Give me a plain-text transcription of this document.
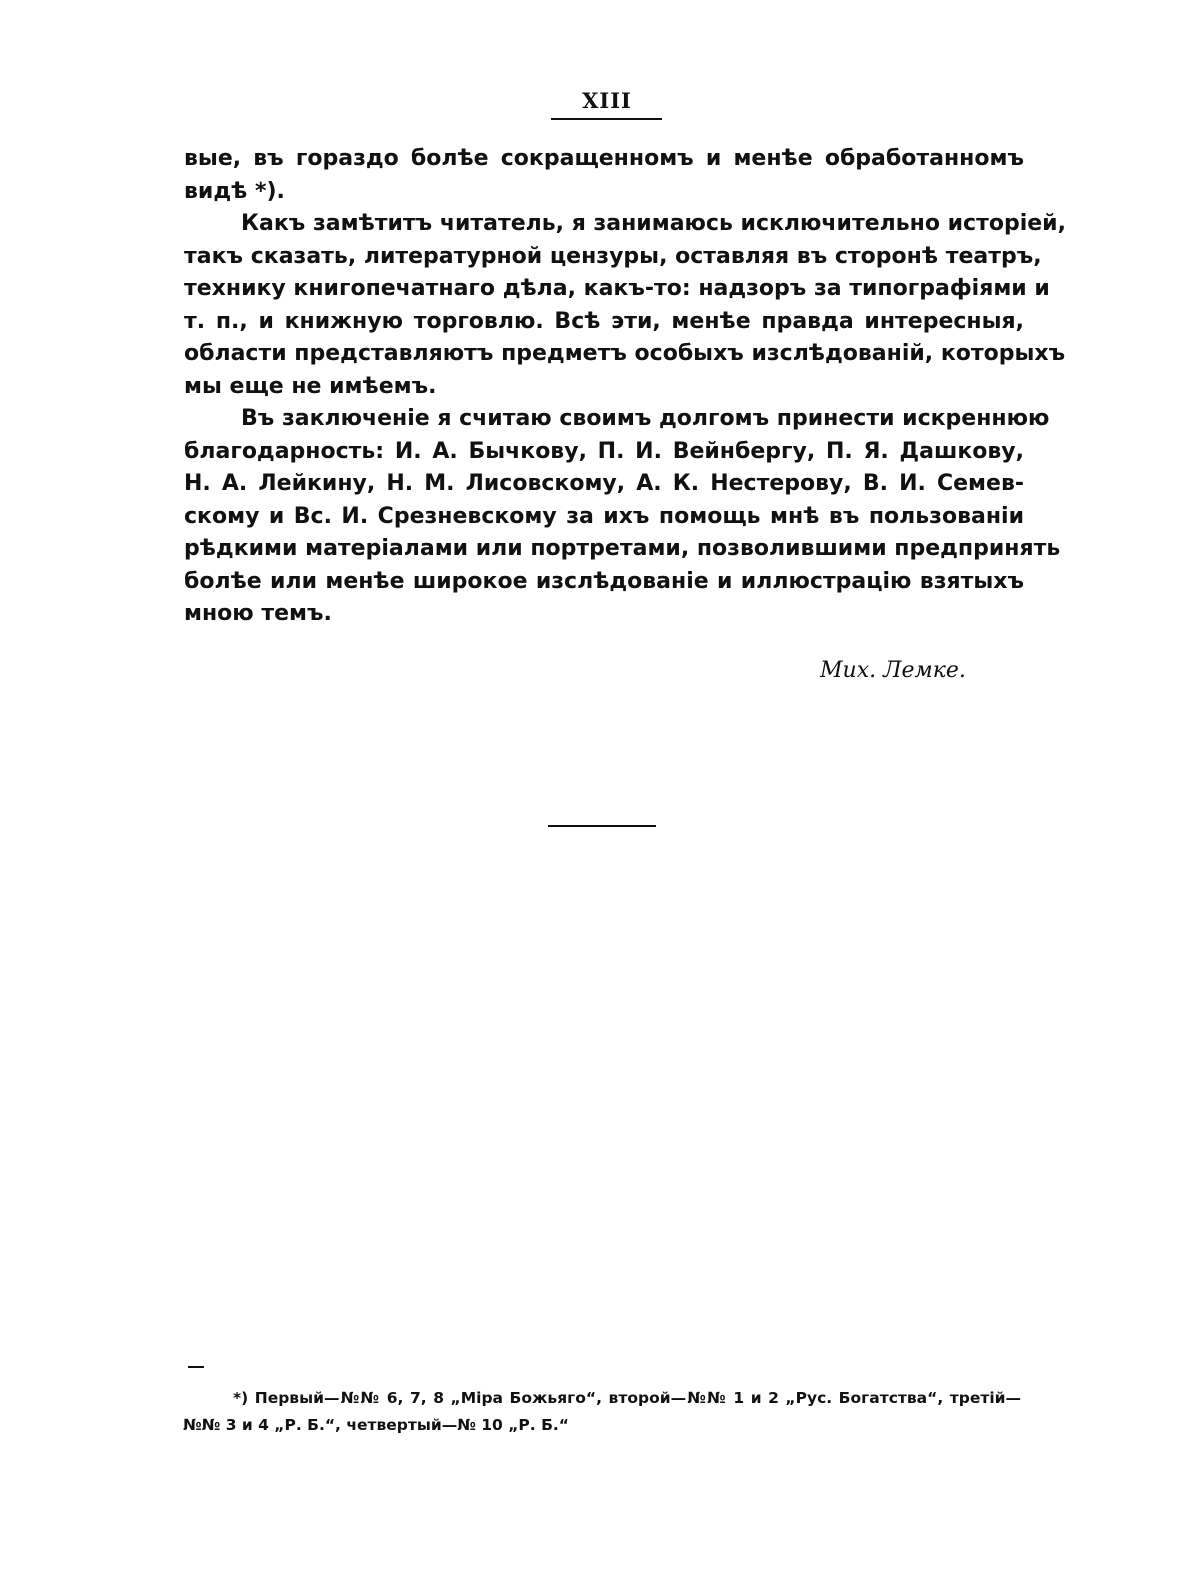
XIII
вые, въ гораздо болѣе сокращенномъ и менѣе обработанномъ
видѣ *).
Какъ замѣтитъ читатель, я занимаюсь исключительно исторіей,
такъ сказать, литературной цензуры, оставляя въ сторонѣ театръ,
технику книгопечатнаго дѣла, какъ-то: надзоръ за типографіями и
т. п., и книжную торговлю. Всѣ эти, менѣе правда интересныя,
области представляютъ предметъ особыхъ изслѣдованій, которыхъ
мы еще не имѣемъ.
Въ заключеніе я считаю своимъ долгомъ принести искреннюю
благодарность: И. А. Бычкову, П. И. Вейнбергу, П. Я. Дашкову,
Н. А. Лейкину, Н. М. Лисовскому, А. К. Нестерову, В. И. Семев-
скому и Вс. И. Срезневскому за ихъ помощь мнѣ въ пользованіи
рѣдкими матеріалами или портретами, позволившими предпринять
болѣе или менѣе широкое изслѣдованіе и иллюстрацію взятыхъ
мною темъ.
Мих. Лемке.
*) Первый—№№ 6, 7, 8 „Міра Божьяго“, второй—№№ 1 и 2 „Рус. Богатства“, третій—
№№ 3 и 4 „Р. Б.“, четвертый—№ 10 „Р. Б.“
